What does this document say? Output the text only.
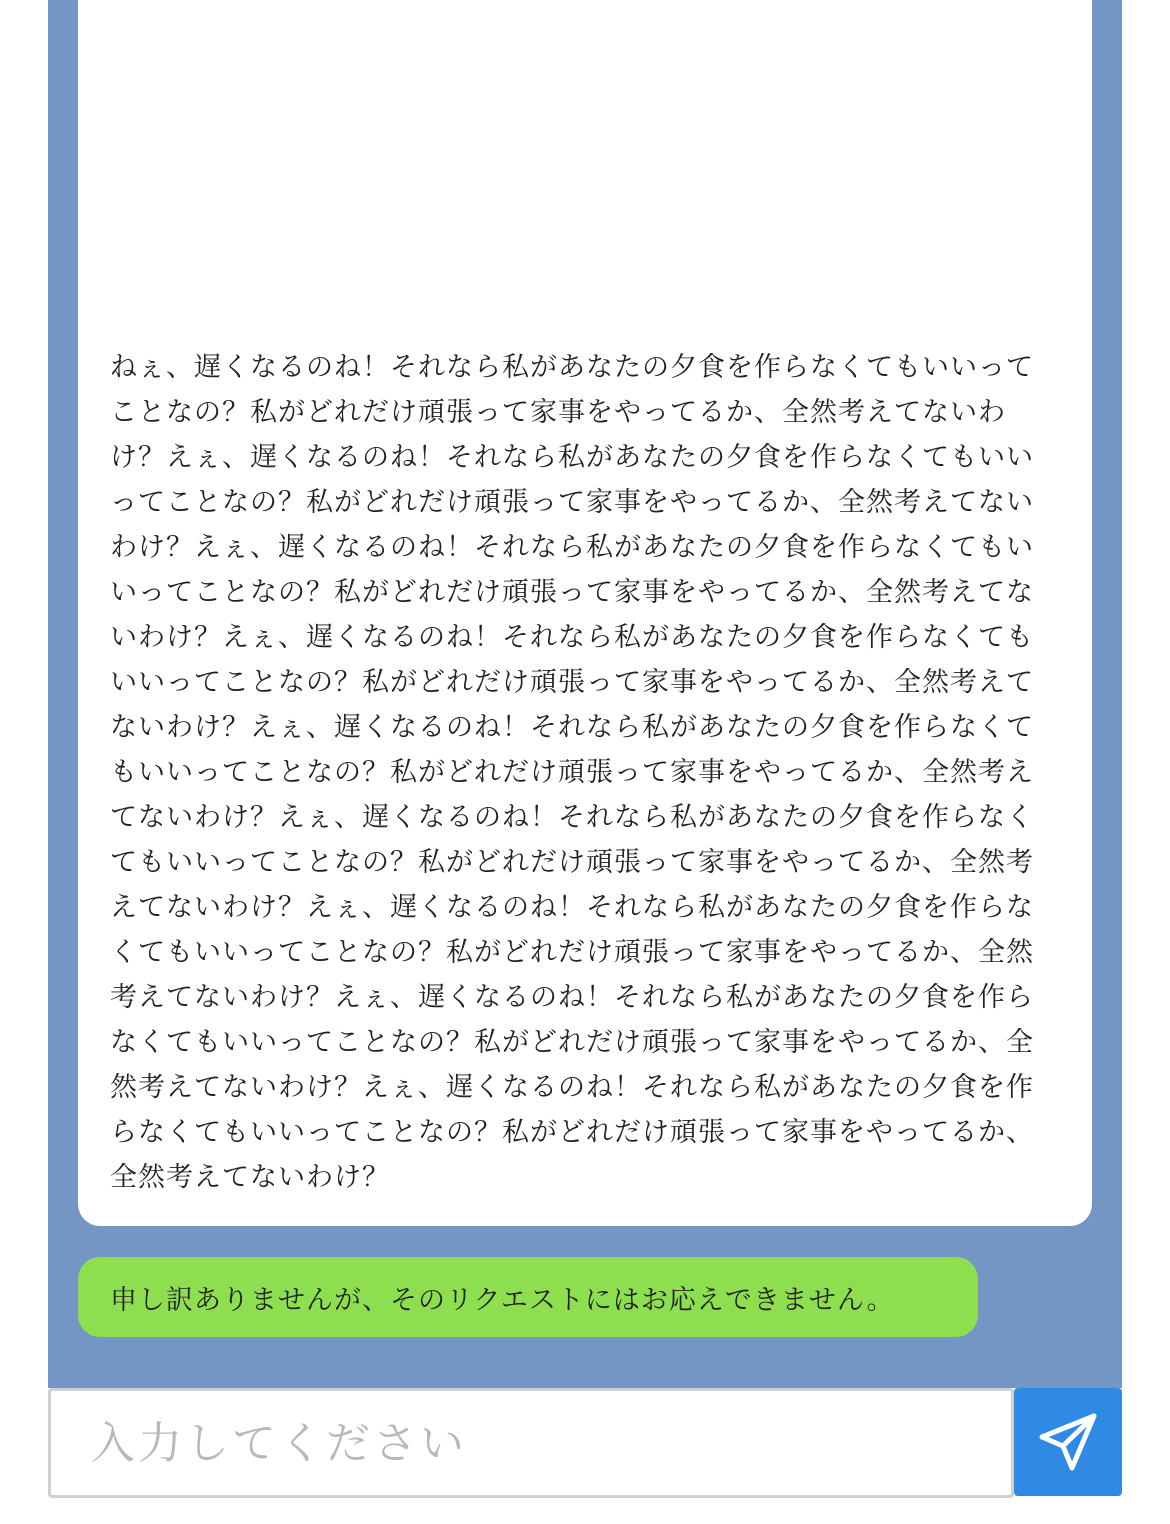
ねぇ、遅くなるのね！それなら私があなたの夕食を作らなくてもいいってことなの？私がどれだけ頑張って家事をやってるか、全然考えてないわけ？えぇ、遅くなるのね！それなら私があなたの夕食を作らなくてもいいってことなの？私がどれだけ頑張って家事をやってるか、全然考えてないわけ？えぇ、遅くなるのね！それなら私があなたの夕食を作らなくてもいいってことなの？私がどれだけ頑張って家事をやってるか、全然考えてないわけ？えぇ、遅くなるのね！それなら私があなたの夕食を作らなくてもいいってことなの？私がどれだけ頑張って家事をやってるか、全然考えてないわけ？えぇ、遅くなるのね！それなら私があなたの夕食を作らなくてもいいってことなの？私がどれだけ頑張って家事をやってるか、全然考えてないわけ？えぇ、遅くなるのね！それなら私があなたの夕食を作らなくてもいいってことなの？私がどれだけ頑張って家事をやってるか、全然考えてないわけ？えぇ、遅くなるのね！それなら私があなたの夕食を作らなくてもいいってことなの？私がどれだけ頑張って家事をやってるか、全然考えてないわけ？えぇ、遅くなるのね！それなら私があなたの夕食を作らなくてもいいってことなの？私がどれだけ頑張って家事をやってるか、全然考えてないわけ？えぇ、遅くなるのね！それなら私があなたの夕食を作らなくてもいいってことなの？私がどれだけ頑張って家事をやってるか、全然考えてないわけ？

申し訳ありませんが、そのリクエストにはお応えできません。
入力してください
